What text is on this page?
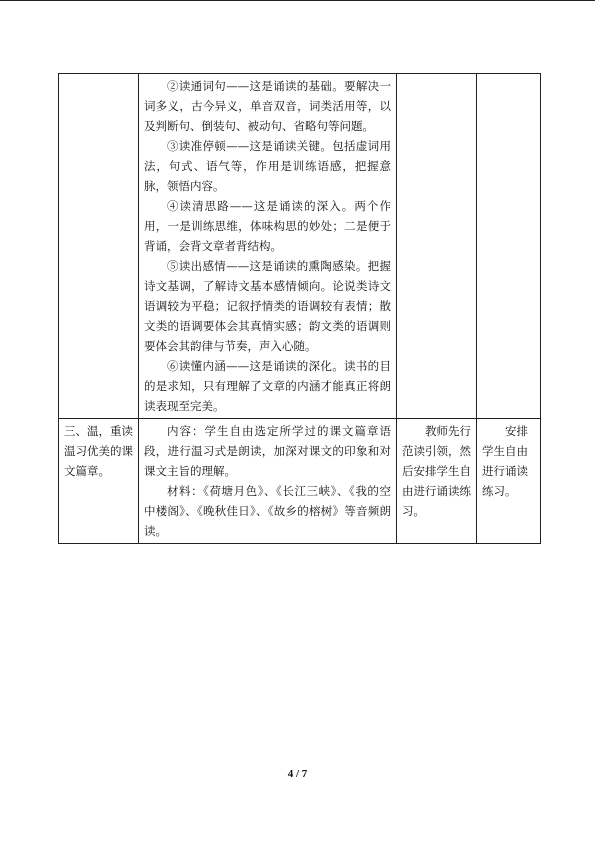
	②读通词句——这是诵读的基础。要解决一词多义，古今异义，单音双音，词类活用等，以及判断句、倒装句、被动句、省略句等问题。

③读准停顿——这是诵读关键。包括虚词用法，句式、语气等，作用是训练语感，把握意脉，领悟内容。

④读清思路——这是诵读的深入。两个作用，一是训练思维，体味构思的妙处；二是便于背诵，会背文章者背结构。

⑤读出感情——这是诵读的熏陶感染。把握诗文基调，了解诗文基本感情倾向。论说类诗文语调较为平稳；记叙抒情类的语调较有表情；散文类的语调要体会其真情实感；韵文类的语调则要体会其韵律与节奏，声入心随。

⑥读懂内涵——这是诵读的深化。读书的目的是求知，只有理解了文章的内涵才能真正将朗读表现至完美。		

三、温，重读温习优美的课文篇章。	内容：学生自由选定所学过的课文篇章语段，进行温习式是朗读，加深对课文的印象和对课文主旨的理解。

材料：《荷塘月色》、《长江三峡》、《我的空中楼阁》、《晚秋佳日》、《故乡的榕树》等音频朗读。	教师先行范读引领，然后安排学生自由进行诵读练习。	安排学生自由进行诵读练习。

4 / 7
